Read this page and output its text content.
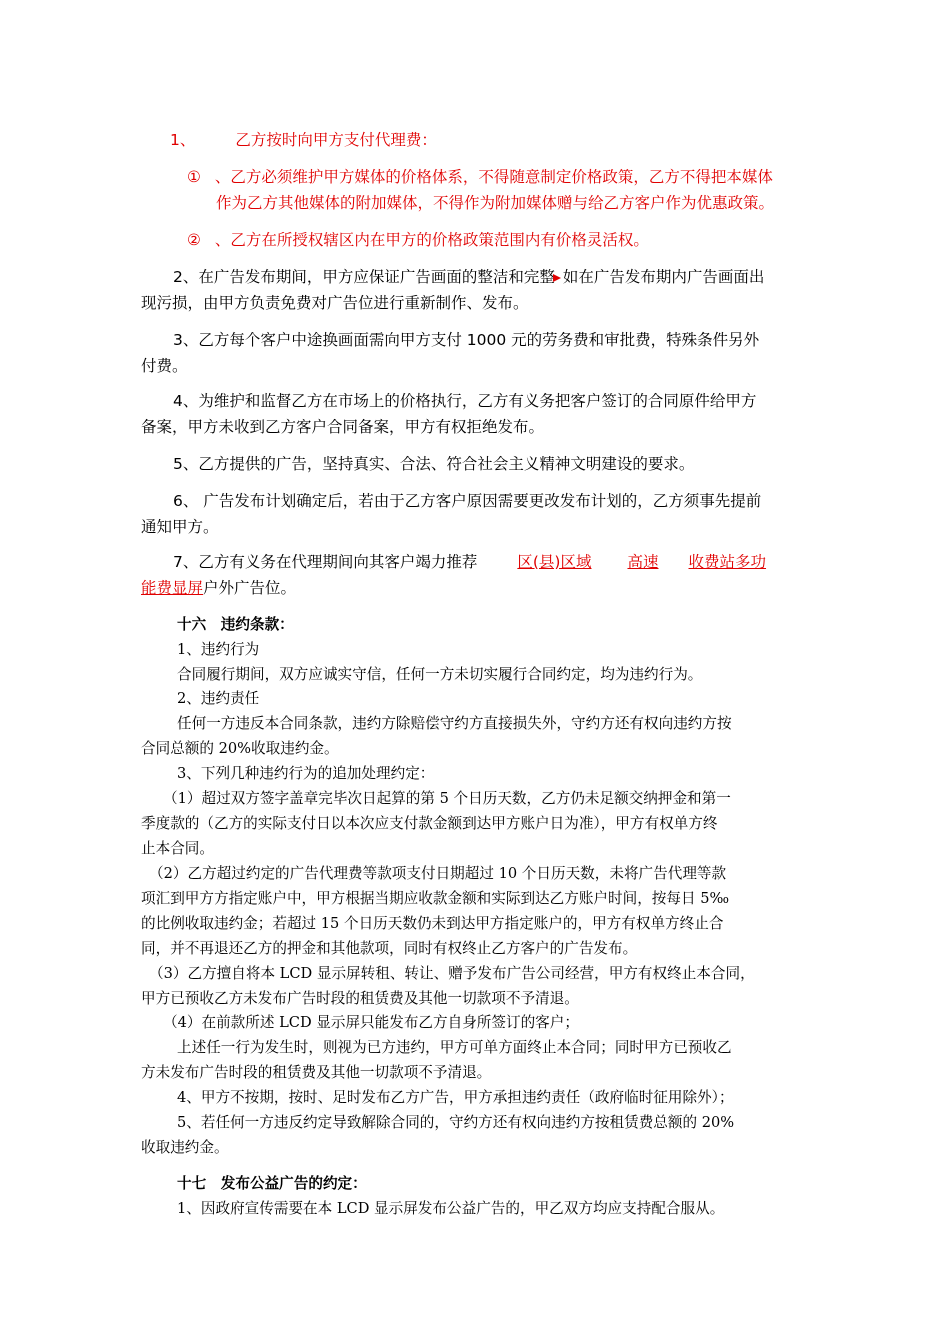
1、	乙方按时向甲方支付代理费：
① 、乙方必须维护甲方媒体的价格体系，不得随意制定价格政策，乙方不得把本媒体
作为乙方其他媒体的附加媒体，不得作为附加媒体赠与给乙方客户作为优惠政策。
② 、乙方在所授权辖区内在甲方的价格政策范围内有价格灵活权。
2、在广告发布期间，甲方应保证广告画面的整洁和完整 如在广告发布期内广告画面出
现污损，由甲方负责免费对广告位进行重新制作、发布。
3、乙方每个客户中途换画面需向甲方支付 1000 元的劳务费和审批费，特殊条件另外
付费。
4、为维护和监督乙方在市场上的价格执行，乙方有义务把客户签订的合同原件给甲方
备案，甲方未收到乙方客户合同备案，甲方有权拒绝发布。
5、乙方提供的广告，坚持真实、合法、符合社会主义精神文明建设的要求。
6、 广告发布计划确定后，若由于乙方客户原因需要更改发布计划的，乙方须事先提前
通知甲方。
7、乙方有义务在代理期间向其客户竭力推荐	区(县)区域 高速 收费站多功
能费显屏户外广告位。
十六　违约条款：
1、违约行为
合同履行期间，双方应诚实守信，任何一方未切实履行合同约定，均为违约行为。
2、违约责任
任何一方违反本合同条款，违约方除赔偿守约方直接损失外，守约方还有权向违约方按
合同总额的 20%收取违约金。
3、下列几种违约行为的追加处理约定：
（1）超过双方签字盖章完毕次日起算的第 5 个日历天数，乙方仍未足额交纳押金和第一
季度款的（乙方的实际支付日以本次应支付款金额到达甲方账户日为准），甲方有权单方终
止本合同。
（2）乙方超过约定的广告代理费等款项支付日期超过 10 个日历天数，未将广告代理等款
项汇到甲方方指定账户中，甲方根据当期应收款金额和实际到达乙方账户时间，按每日 5‰
的比例收取违约金；若超过 15 个日历天数仍未到达甲方指定账户的，甲方有权单方终止合
同，并不再退还乙方的押金和其他款项，同时有权终止乙方客户的广告发布。
（3）乙方擅自将本 LCD 显示屏转租、转让、赠予发布广告公司经营，甲方有权终止本合同，
甲方已预收乙方未发布广告时段的租赁费及其他一切款项不予清退。
（4）在前款所述 LCD 显示屏只能发布乙方自身所签订的客户；
上述任一行为发生时，则视为已方违约，甲方可单方面终止本合同；同时甲方已预收乙
方未发布广告时段的租赁费及其他一切款项不予清退。
4、甲方不按期，按时、足时发布乙方广告，甲方承担违约责任（政府临时征用除外）；
5、若任何一方违反约定导致解除合同的，守约方还有权向违约方按租赁费总额的 20%
收取违约金。
十七　发布公益广告的约定：
1、因政府宣传需要在本 LCD 显示屏发布公益广告的，甲乙双方均应支持配合服从。
